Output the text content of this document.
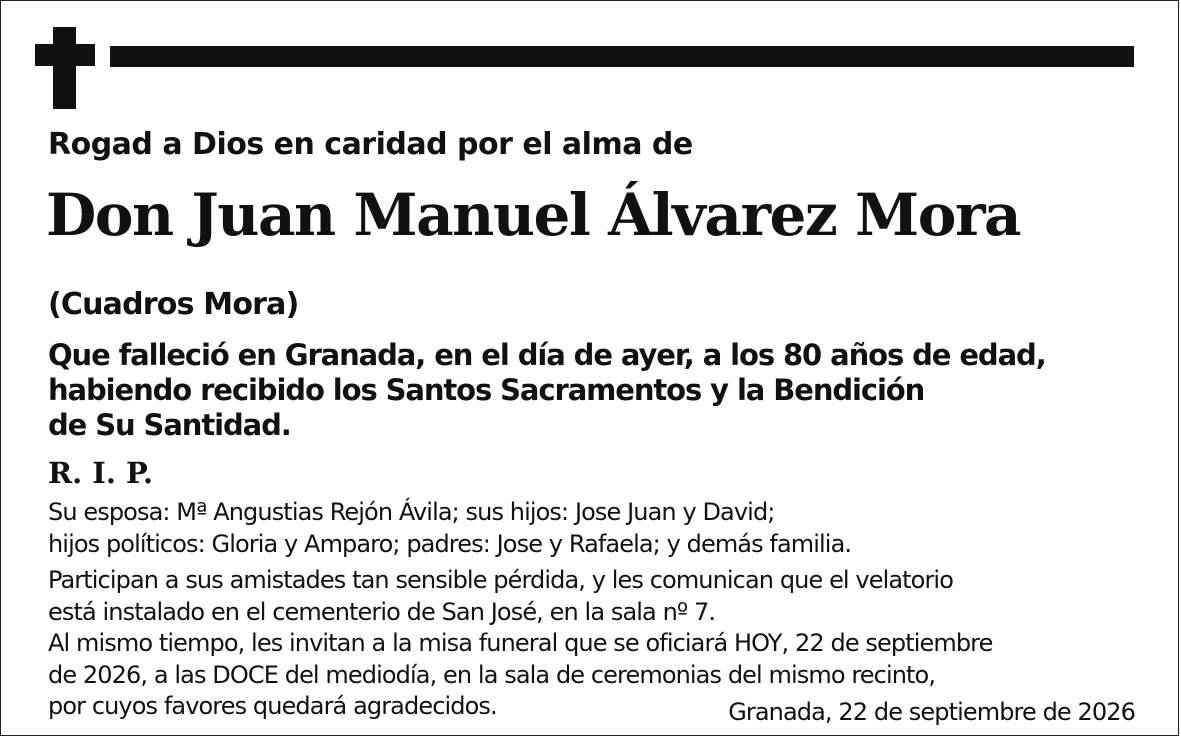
Rogad a Dios en caridad por el alma de
Don Juan Manuel Álvarez Mora
(Cuadros Mora)
Que falleció en Granada, en el día de ayer, a los 80 años de edad,
habiendo recibido los Santos Sacramentos y la Bendición
de Su Santidad.
R. I. P.
Su esposa: Mª Angustias Rejón Ávila; sus hijos: Jose Juan y David;
hijos políticos: Gloria y Amparo; padres: Jose y Rafaela; y demás familia.
Participan a sus amistades tan sensible pérdida, y les comunican que el velatorio
está instalado en el cementerio de San José, en la sala nº 7.
Al mismo tiempo, les invitan a la misa funeral que se oficiará HOY, 22 de septiembre
de 2026, a las DOCE del mediodía, en la sala de ceremonias del mismo recinto,
por cuyos favores quedará agradecidos.	Granada, 22 de septiembre de 2026
